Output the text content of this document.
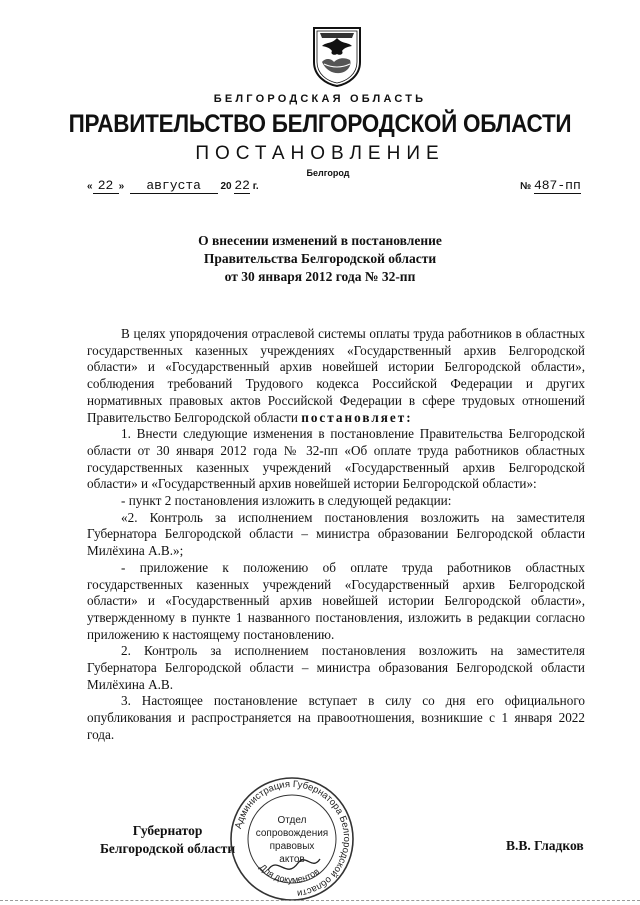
БЕЛГОРОДСКАЯ ОБЛАСТЬ
ПРАВИТЕЛЬСТВО БЕЛГОРОДСКОЙ ОБЛАСТИ
ПОСТАНОВЛЕНИЕ
Белгород
« 22 » августа 20 22 г.	№ 487-пп
О внесении изменений в постановление
Правительства Белгородской области
от 30 января 2012 года № 32-пп

В целях упорядочения отраслевой системы оплаты труда работников в областных государственных казенных учреждениях «Государственный архив Белгородской области» и «Государственный архив новейшей истории Белгородской области», соблюдения требований Трудового кодекса Российской Федерации и других нормативных правовых актов Российской Федерации в сфере трудовых отношений Правительство Белгородской области постановляет:

1. Внести следующие изменения в постановление Правительства Белгородской области от 30 января 2012 года № 32-пп «Об оплате труда работников областных государственных казенных учреждений «Государственный архив Белгородской области» и «Государственный архив новейшей истории Белгородской области»:

- пункт 2 постановления изложить в следующей редакции:

«2. Контроль за исполнением постановления возложить на заместителя Губернатора Белгородской области – министра образовании Белгородской области Милёхина А.В.»;

- приложение к положению об оплате труда работников областных государственных казенных учреждений «Государственный архив Белгородской области» и «Государственный архив новейшей истории Белгородской области», утвержденному в пункте 1 названного постановления, изложить в редакции согласно приложению к настоящему постановлению.

2. Контроль за исполнением постановления возложить на заместителя Губернатора Белгородской области – министра образования Белгородской области Милёхина А.В.

3. Настоящее постановление вступает в силу со дня его официального опубликования и распространяется на правоотношения, возникшие с 1 января 2022 года.

Губернатор
Белгородской области
Администрация Губернатора Белгородской области
Для документов
Отдел
сопровождения
правовых
актов
В.В. Гладков
